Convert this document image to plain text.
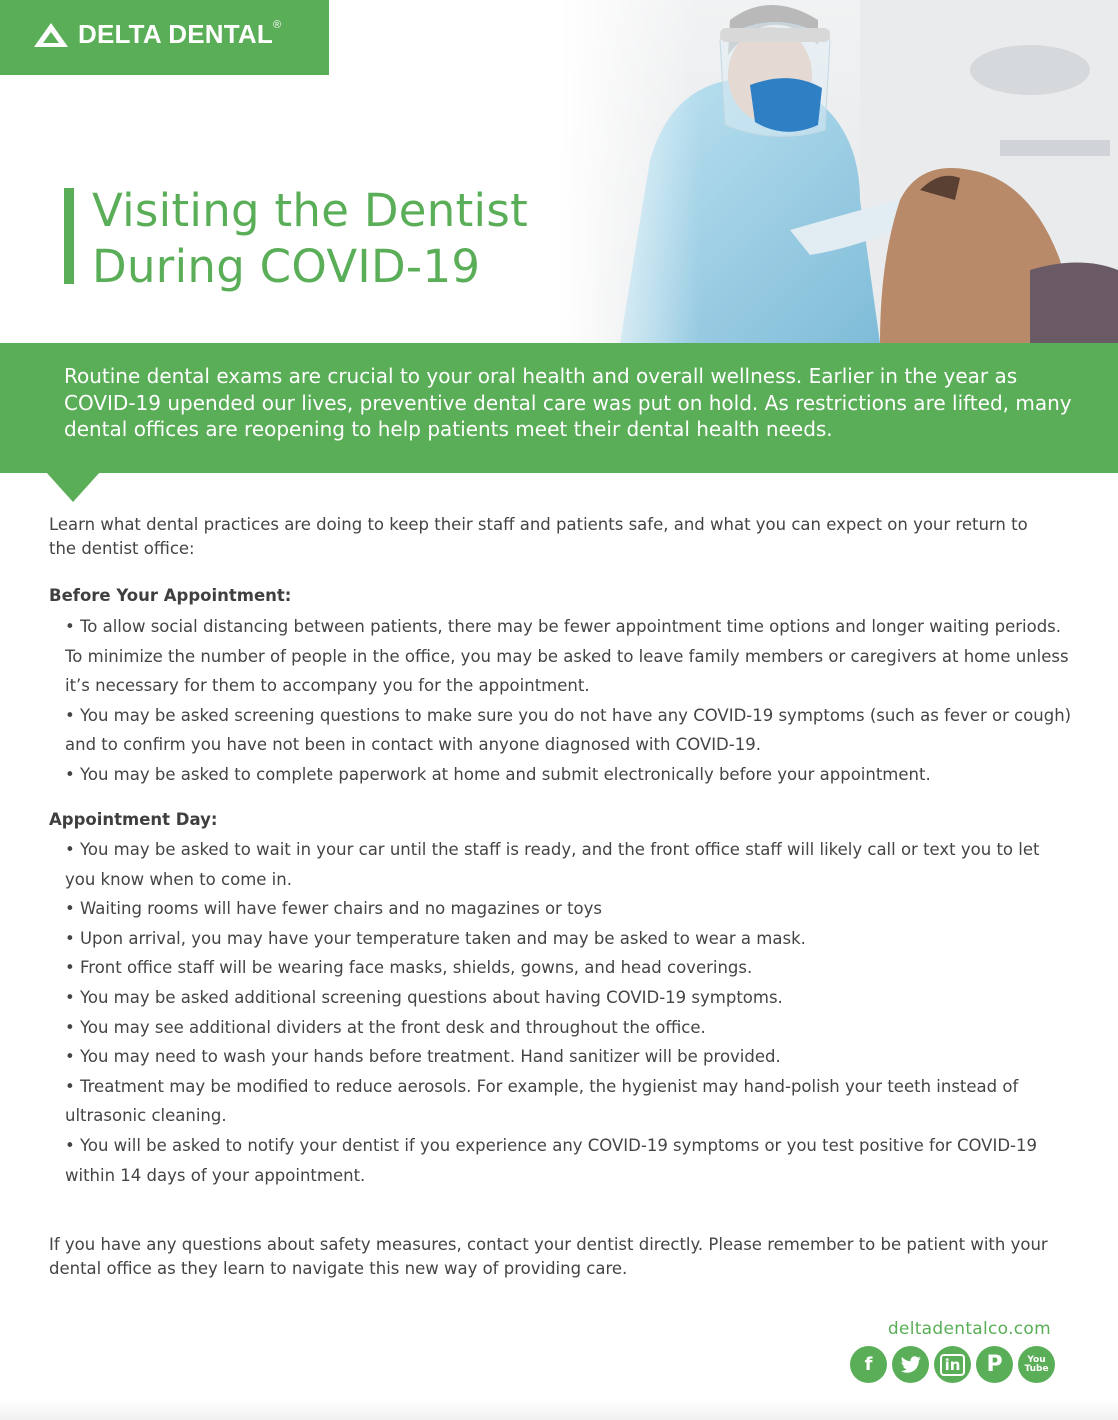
DELTA DENTAL®
Visiting the Dentist
During COVID-19

Routine dental exams are crucial to your oral health and overall wellness. Earlier in the year as COVID-19 upended our lives, preventive dental care was put on hold. As restrictions are lifted, many dental offices are reopening to help patients meet their dental health needs.

Learn what dental practices are doing to keep their staff and patients safe, and what you can expect on your return to the dentist office:

Before Your Appointment:

• To allow social distancing between patients, there may be fewer appointment time options and longer waiting periods. To minimize the number of people in the office, you may be asked to leave family members or caregivers at home unless it’s necessary for them to accompany you for the appointment.
• You may be asked screening questions to make sure you do not have any COVID-19 symptoms (such as fever or cough) and to confirm you have not been in contact with anyone diagnosed with COVID-19.
• You may be asked to complete paperwork at home and submit electronically before your appointment.

Appointment Day:

• You may be asked to wait in your car until the staff is ready, and the front office staff will likely call or text you to let you know when to come in.
• Waiting rooms will have fewer chairs and no magazines or toys
• Upon arrival, you may have your temperature taken and may be asked to wear a mask.
• Front office staff will be wearing face masks, shields, gowns, and head coverings.
• You may be asked additional screening questions about having COVID-19 symptoms.
• You may see additional dividers at the front desk and throughout the office.
• You may need to wash your hands before treatment. Hand sanitizer will be provided.
• Treatment may be modified to reduce aerosols. For example, the hygienist may hand-polish your teeth instead of ultrasonic cleaning.
• You will be asked to notify your dentist if you experience any COVID-19 symptoms or you test positive for COVID-19 within 14 days of your appointment.

If you have any questions about safety measures, contact your dentist directly. Please remember to be patient with your dental office as they learn to navigate this new way of providing care.

deltadentalco.com
f	in P	You Tube
